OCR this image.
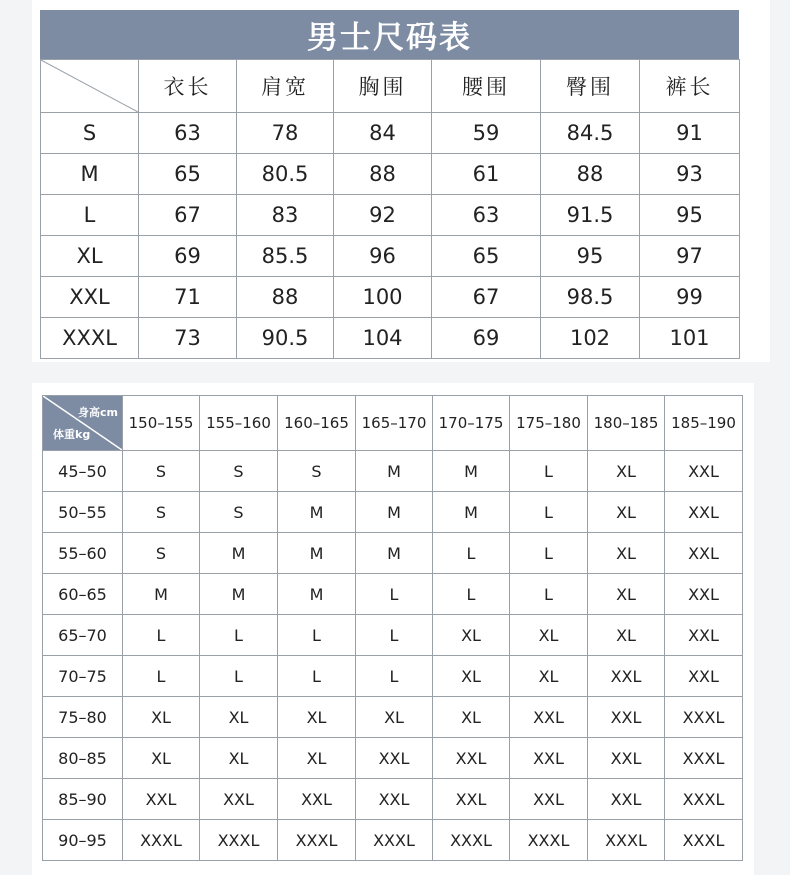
男士尺码表
	衣长	肩宽	胸围	腰围	臀围	裤长
S	63	78	84	59	84.5	91
M	65	80.5	88	61	88	93
L	67	83	92	63	91.5	95
XL	69	85.5	96	65	95	97
XXL	71	88	100	67	98.5	99
XXXL	73	90.5	104	69	102	101
身高cm
体重kg	150–155	155–160	160–165	165–170	170–175	175–180	180–185	185–190
45–50	S	S	S	M	M	L	XL	XXL
50–55	S	S	M	M	M	L	XL	XXL
55–60	S	M	M	M	L	L	XL	XXL
60–65	M	M	M	L	L	L	XL	XXL
65–70	L	L	L	L	XL	XL	XL	XXL
70–75	L	L	L	L	XL	XL	XXL	XXL
75–80	XL	XL	XL	XL	XL	XXL	XXL	XXXL
80–85	XL	XL	XL	XXL	XXL	XXL	XXL	XXXL
85–90	XXL	XXL	XXL	XXL	XXL	XXL	XXL	XXXL
90–95	XXXL	XXXL	XXXL	XXXL	XXXL	XXXL	XXXL	XXXL
